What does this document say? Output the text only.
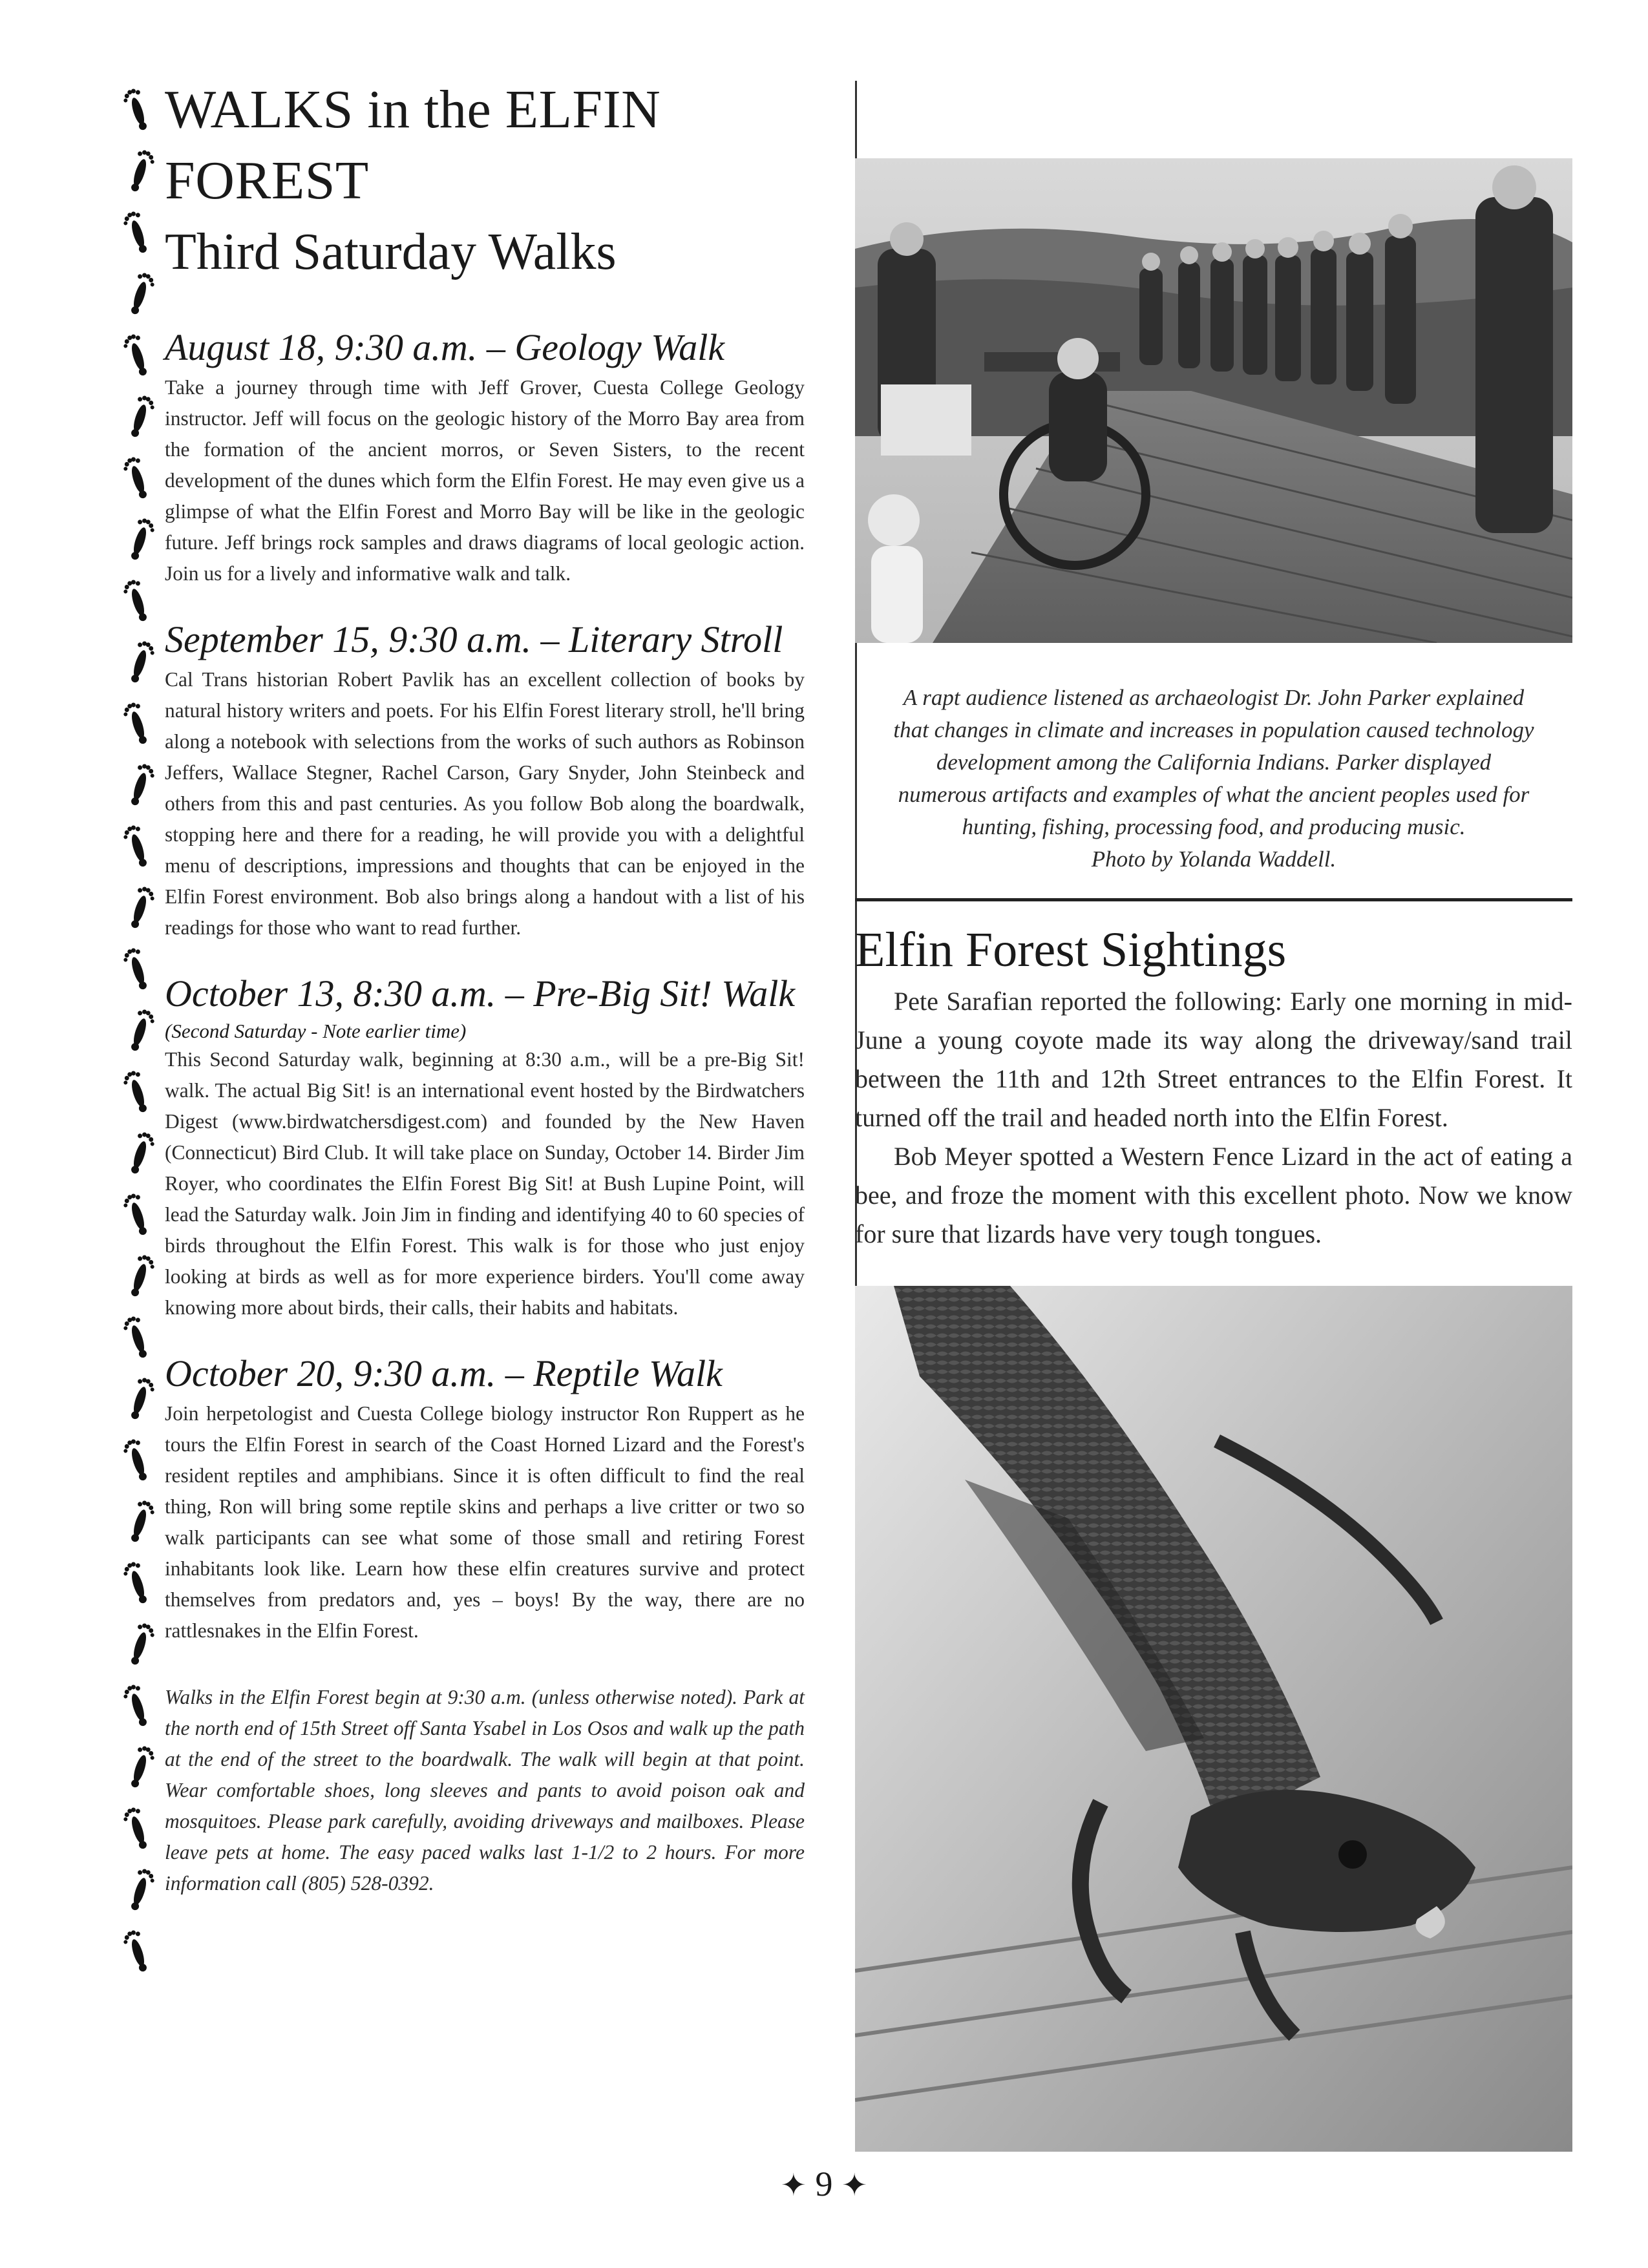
WALKS in the ELFIN FOREST
Third Saturday Walks
August 18, 9:30 a.m. – Geology Walk

Take a journey through time with Jeff Grover, Cuesta College Geology instructor. Jeff will focus on the geologic history of the Morro Bay area from the formation of the ancient morros, or Seven Sisters, to the recent development of the dunes which form the Elfin Forest. He may even give us a glimpse of what the Elfin Forest and Morro Bay will be like in the geologic future. Jeff brings rock samples and draws diagrams of local geologic action. Join us for a lively and informative walk and talk.

September 15, 9:30 a.m. – Literary Stroll

Cal Trans historian Robert Pavlik has an excellent collection of books by natural history writers and poets. For his Elfin Forest literary stroll, he'll bring along a notebook with selections from the works of such authors as Robinson Jeffers, Wallace Stegner, Rachel Carson, Gary Snyder, John Steinbeck and others from this and past centuries. As you follow Bob along the boardwalk, stopping here and there for a reading, he will provide you with a delightful menu of descriptions, impressions and thoughts that can be enjoyed in the Elfin Forest environment. Bob also brings along a handout with a list of his readings for those who want to read further.

October 13, 8:30 a.m. – Pre-Big Sit! Walk

(Second Saturday - Note earlier time)

This Second Saturday walk, beginning at 8:30 a.m., will be a pre-Big Sit! walk. The actual Big Sit! is an international event hosted by the Birdwatchers Digest (www.birdwatchersdigest.com) and founded by the New Haven (Connecticut) Bird Club. It will take place on Sunday, October 14. Birder Jim Royer, who coordinates the Elfin Forest Big Sit! at Bush Lupine Point, will lead the Saturday walk. Join Jim in finding and identifying 40 to 60 species of birds throughout the Elfin Forest. This walk is for those who just enjoy looking at birds as well as for more experience birders. You'll come away knowing more about birds, their calls, their habits and habitats.

October 20, 9:30 a.m. – Reptile Walk

Join herpetologist and Cuesta College biology instructor Ron Ruppert as he tours the Elfin Forest in search of the Coast Horned Lizard and the Forest's resident reptiles and amphibians. Since it is often difficult to find the real thing, Ron will bring some reptile skins and perhaps a live critter or two so walk participants can see what some of those small and retiring Forest inhabitants look like. Learn how these elfin creatures survive and protect themselves from predators and, yes – boys! By the way, there are no rattlesnakes in the Elfin Forest.

Walks in the Elfin Forest begin at 9:30 a.m. (unless otherwise noted). Park at the north end of 15th Street off Santa Ysabel in Los Osos and walk up the path at the end of the street to the boardwalk. The walk will begin at that point. Wear comfortable shoes, long sleeves and pants to avoid poison oak and mosquitoes. Please park carefully, avoiding driveways and mailboxes. Please leave pets at home. The easy paced walks last 1-1/2 to 2 hours. For more information call (805) 528-0392.

A rapt audience listened as archaeologist Dr. John Parker explained
that changes in climate and increases in population caused technology
development among the California Indians. Parker displayed
numerous artifacts and examples of what the ancient peoples used for
hunting, fishing, processing food, and producing music.
Photo by Yolanda Waddell.
Elfin Forest Sightings

Pete Sarafian reported the following: Early one morning in mid-June a young coyote made its way along the driveway/sand trail between the 11th and 12th Street entrances to the Elfin Forest. It turned off the trail and headed north into the Elfin Forest.

Bob Meyer spotted a Western Fence Lizard in the act of eating a bee, and froze the moment with this excellent photo. Now we know for sure that lizards have very tough tongues.

✦ 9 ✦
